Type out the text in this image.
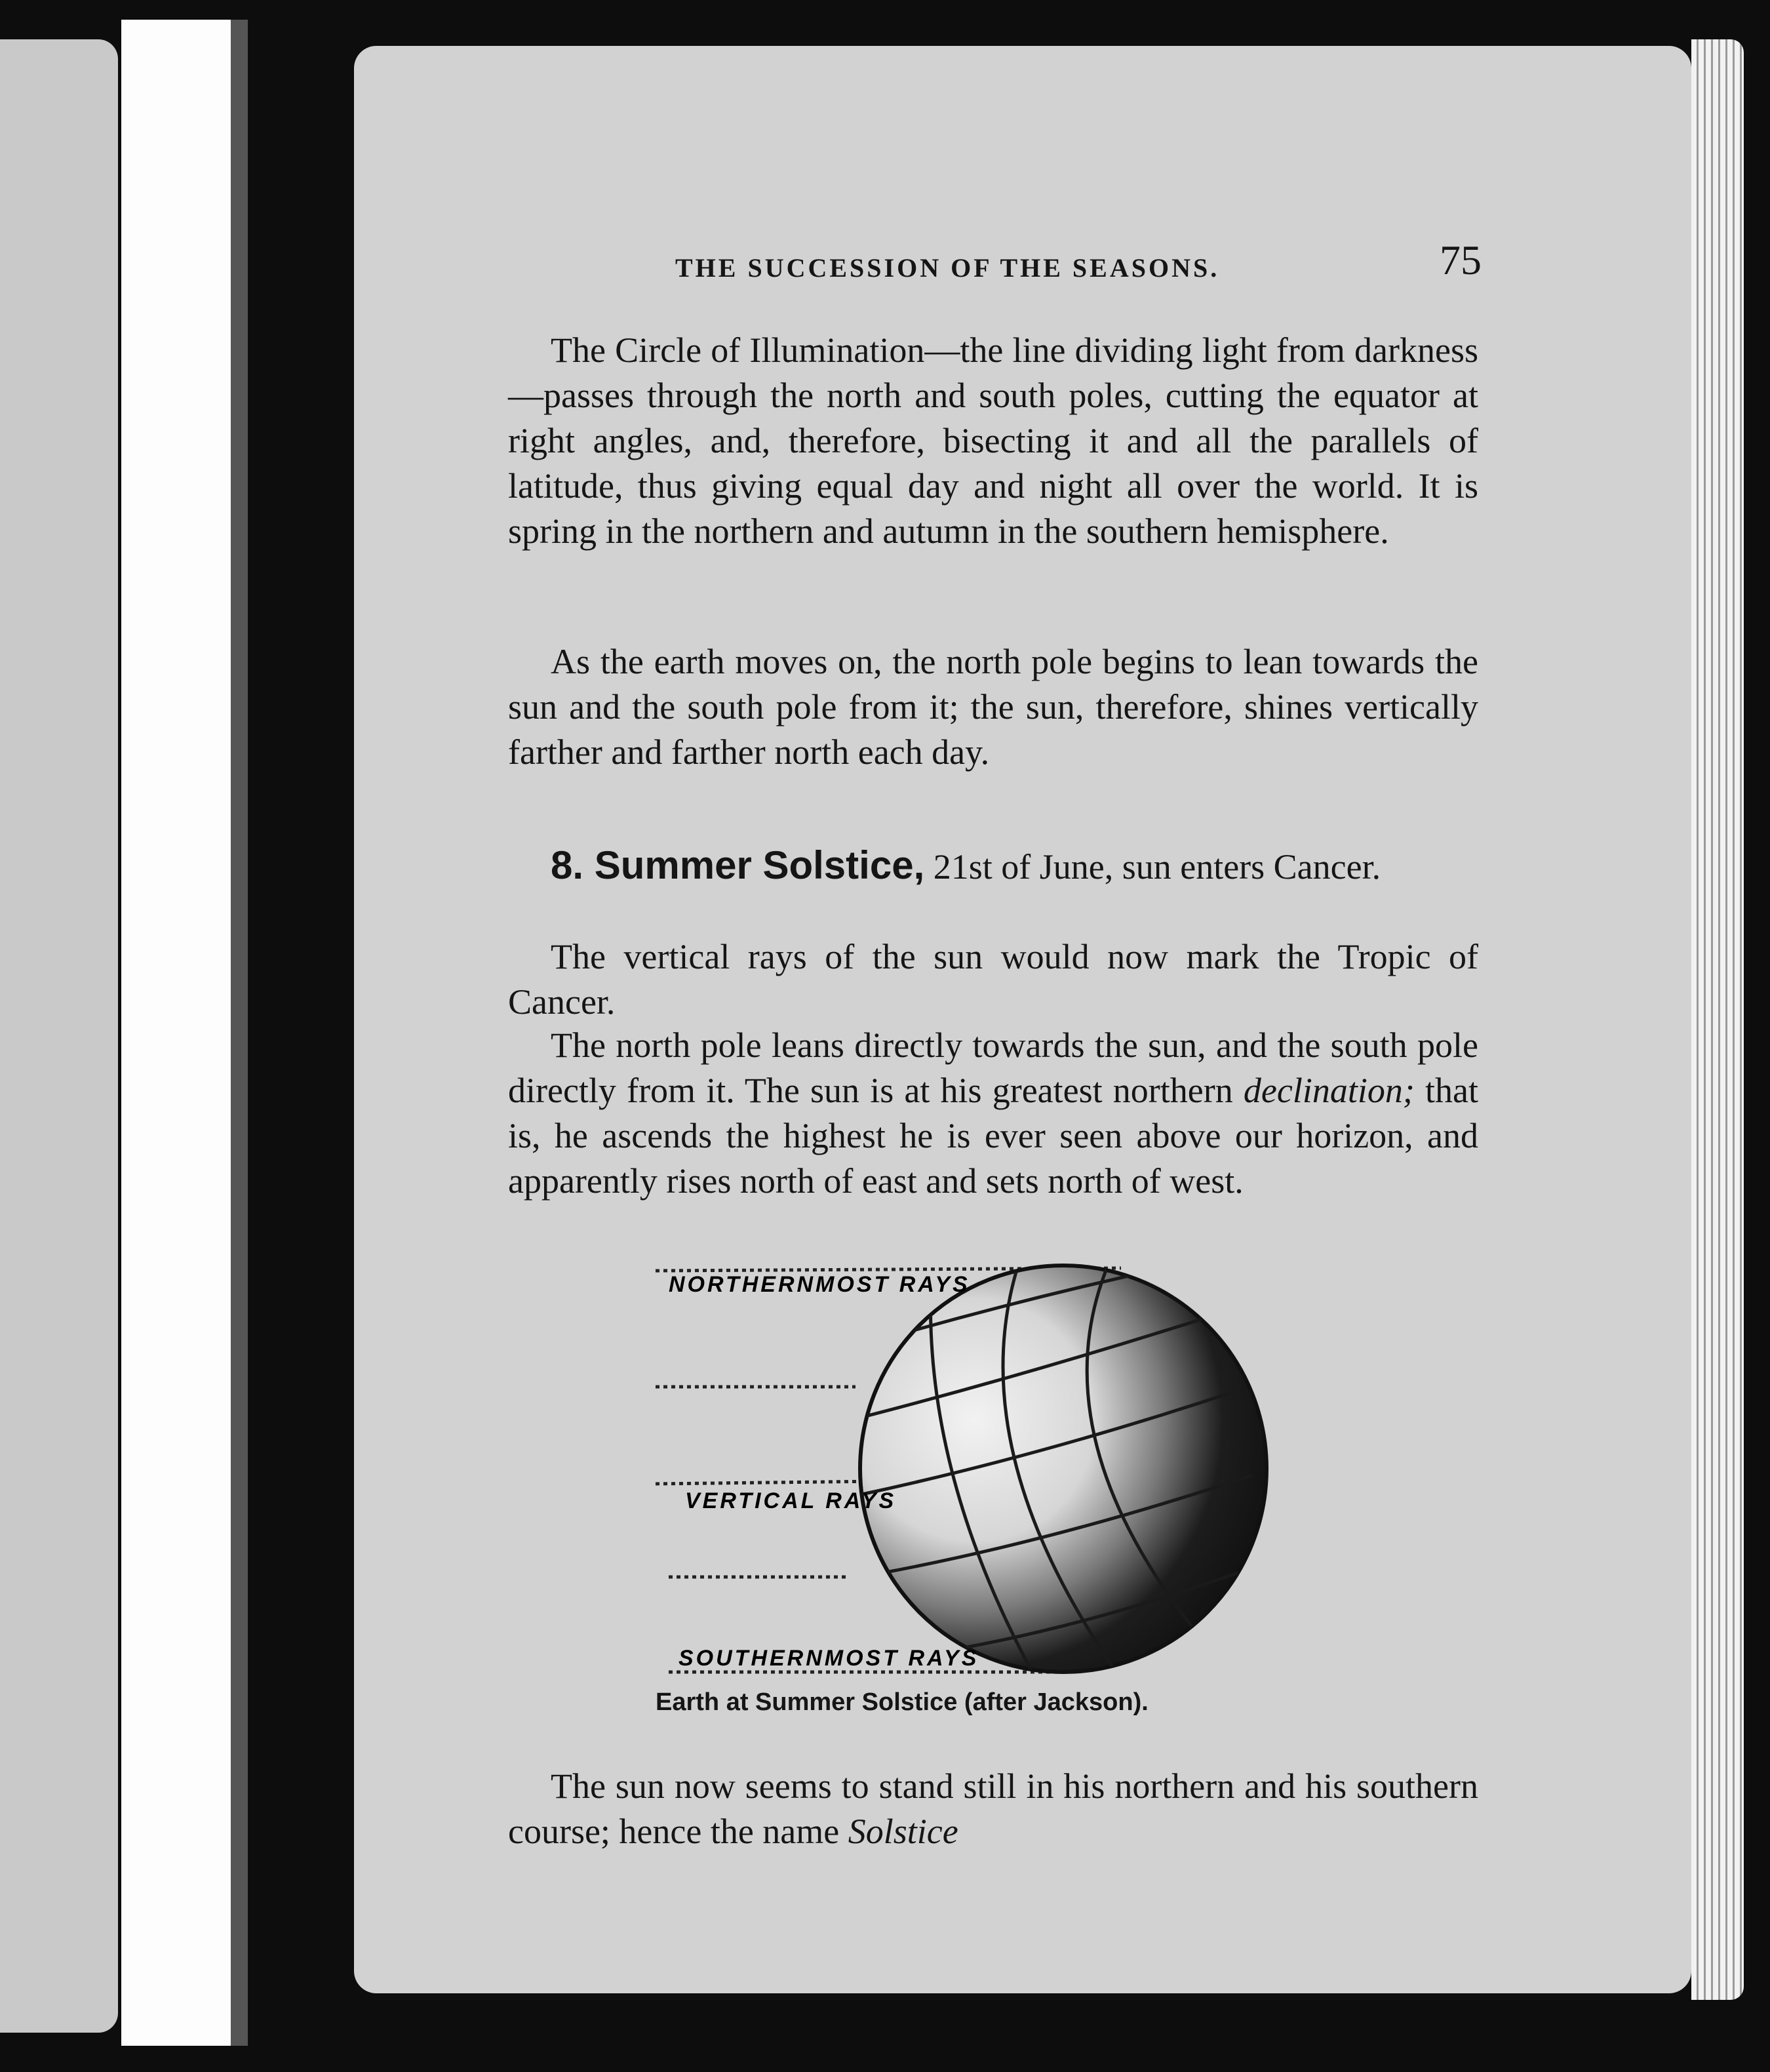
THE SUCCESSION OF THE SEASONS.	75

The Circle of Illumination—the line dividing light from darkness—passes through the north and south poles, cutting the equator at right angles, and, therefore, bisecting it and all the parallels of latitude, thus giving equal day and night all over the world. It is spring in the northern and autumn in the southern hemisphere.

As the earth moves on, the north pole begins to lean towards the sun and the south pole from it; the sun, therefore, shines vertically farther and farther north each day.

8. Summer Solstice, 21st of June, sun enters Cancer.

The vertical rays of the sun would now mark the Tropic of Cancer.

The north pole leans directly towards the sun, and the south pole directly from it. The sun is at his greatest northern declination; that is, he ascends the highest he is ever seen above our horizon, and apparently rises north of east and sets north of west.

NORTHERNMOST RAYS
VERTICAL RAYS
SOUTHERNMOST RAYS
Earth at Summer Solstice (after Jackson).

The sun now seems to stand still in his northern and his southern course; hence the name Solstice
